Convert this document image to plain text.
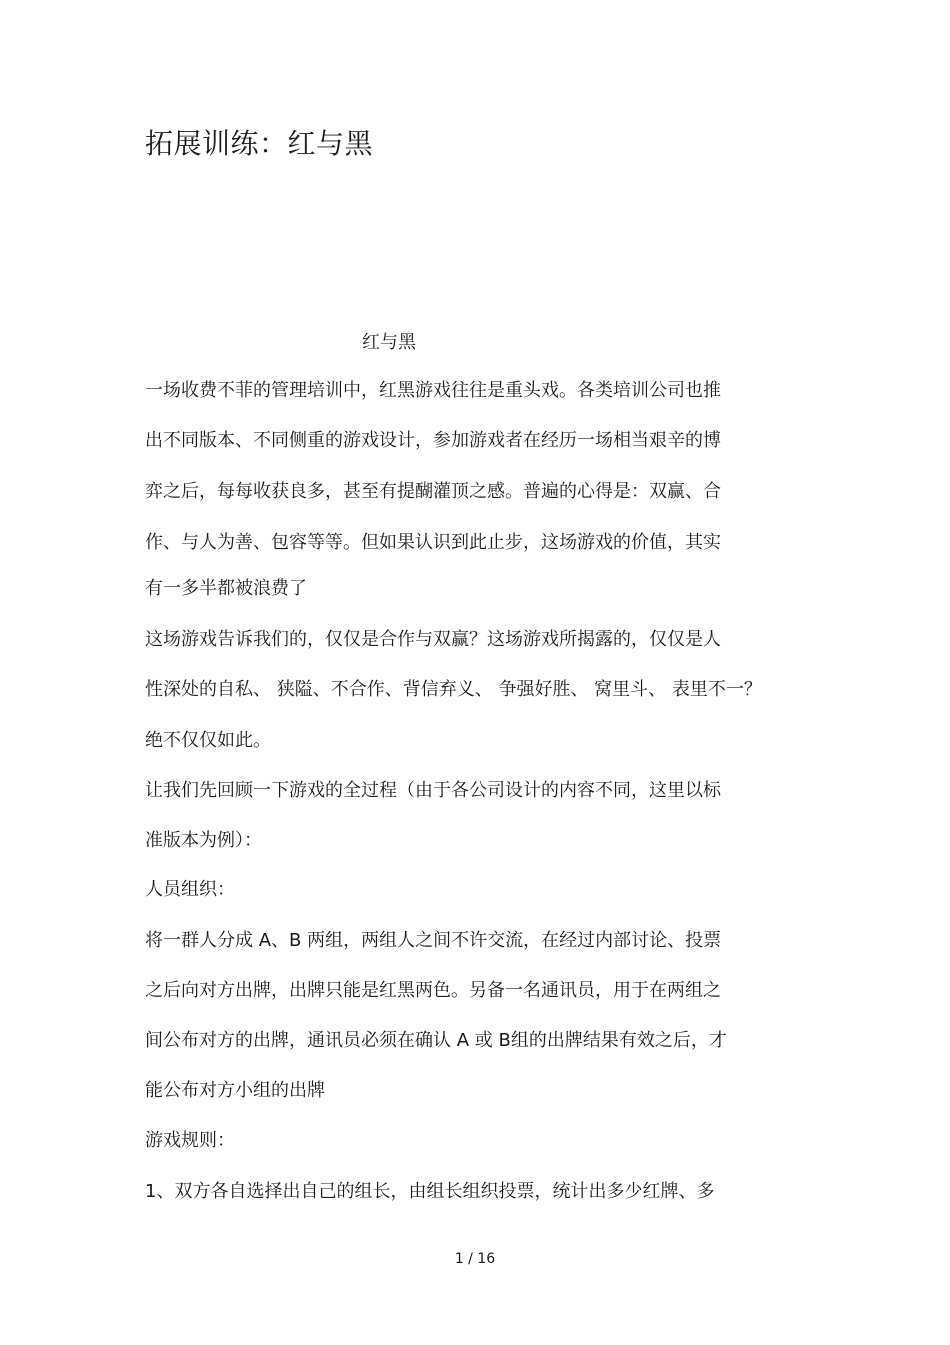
拓展训练：红与黑
红与黑
一场收费不菲的管理培训中，红黑游戏往往是重头戏。各类培训公司也推
出不同版本、不同侧重的游戏设计，参加游戏者在经历一场相当艰辛的博
弈之后，每每收获良多，甚至有提醐灌顶之感。普遍的心得是：双赢、合
作、与人为善、包容等等。但如果认识到此止步，这场游戏的价值，其实
有一多半都被浪费了
这场游戏告诉我们的，仅仅是合作与双赢？这场游戏所揭露的，仅仅是人
性深处的自私、 狭隘、不合作、背信弃义、 争强好胜、 窝里斗、 表里不一？
绝不仅仅如此。
让我们先回顾一下游戏的全过程（由于各公司设计的内容不同，这里以标
准版本为例）：
人员组织：
将一群人分成 A、B 两组，两组人之间不许交流，在经过内部讨论、投票
之后向对方出牌，出牌只能是红黑两色。另备一名通讯员，用于在两组之
间公布对方的出牌，通讯员必须在确认 A 或 B组的出牌结果有效之后，才
能公布对方小组的出牌
游戏规则：
1、双方各自选择出自己的组长，由组长组织投票，统计出多少红牌、多
1 / 16
